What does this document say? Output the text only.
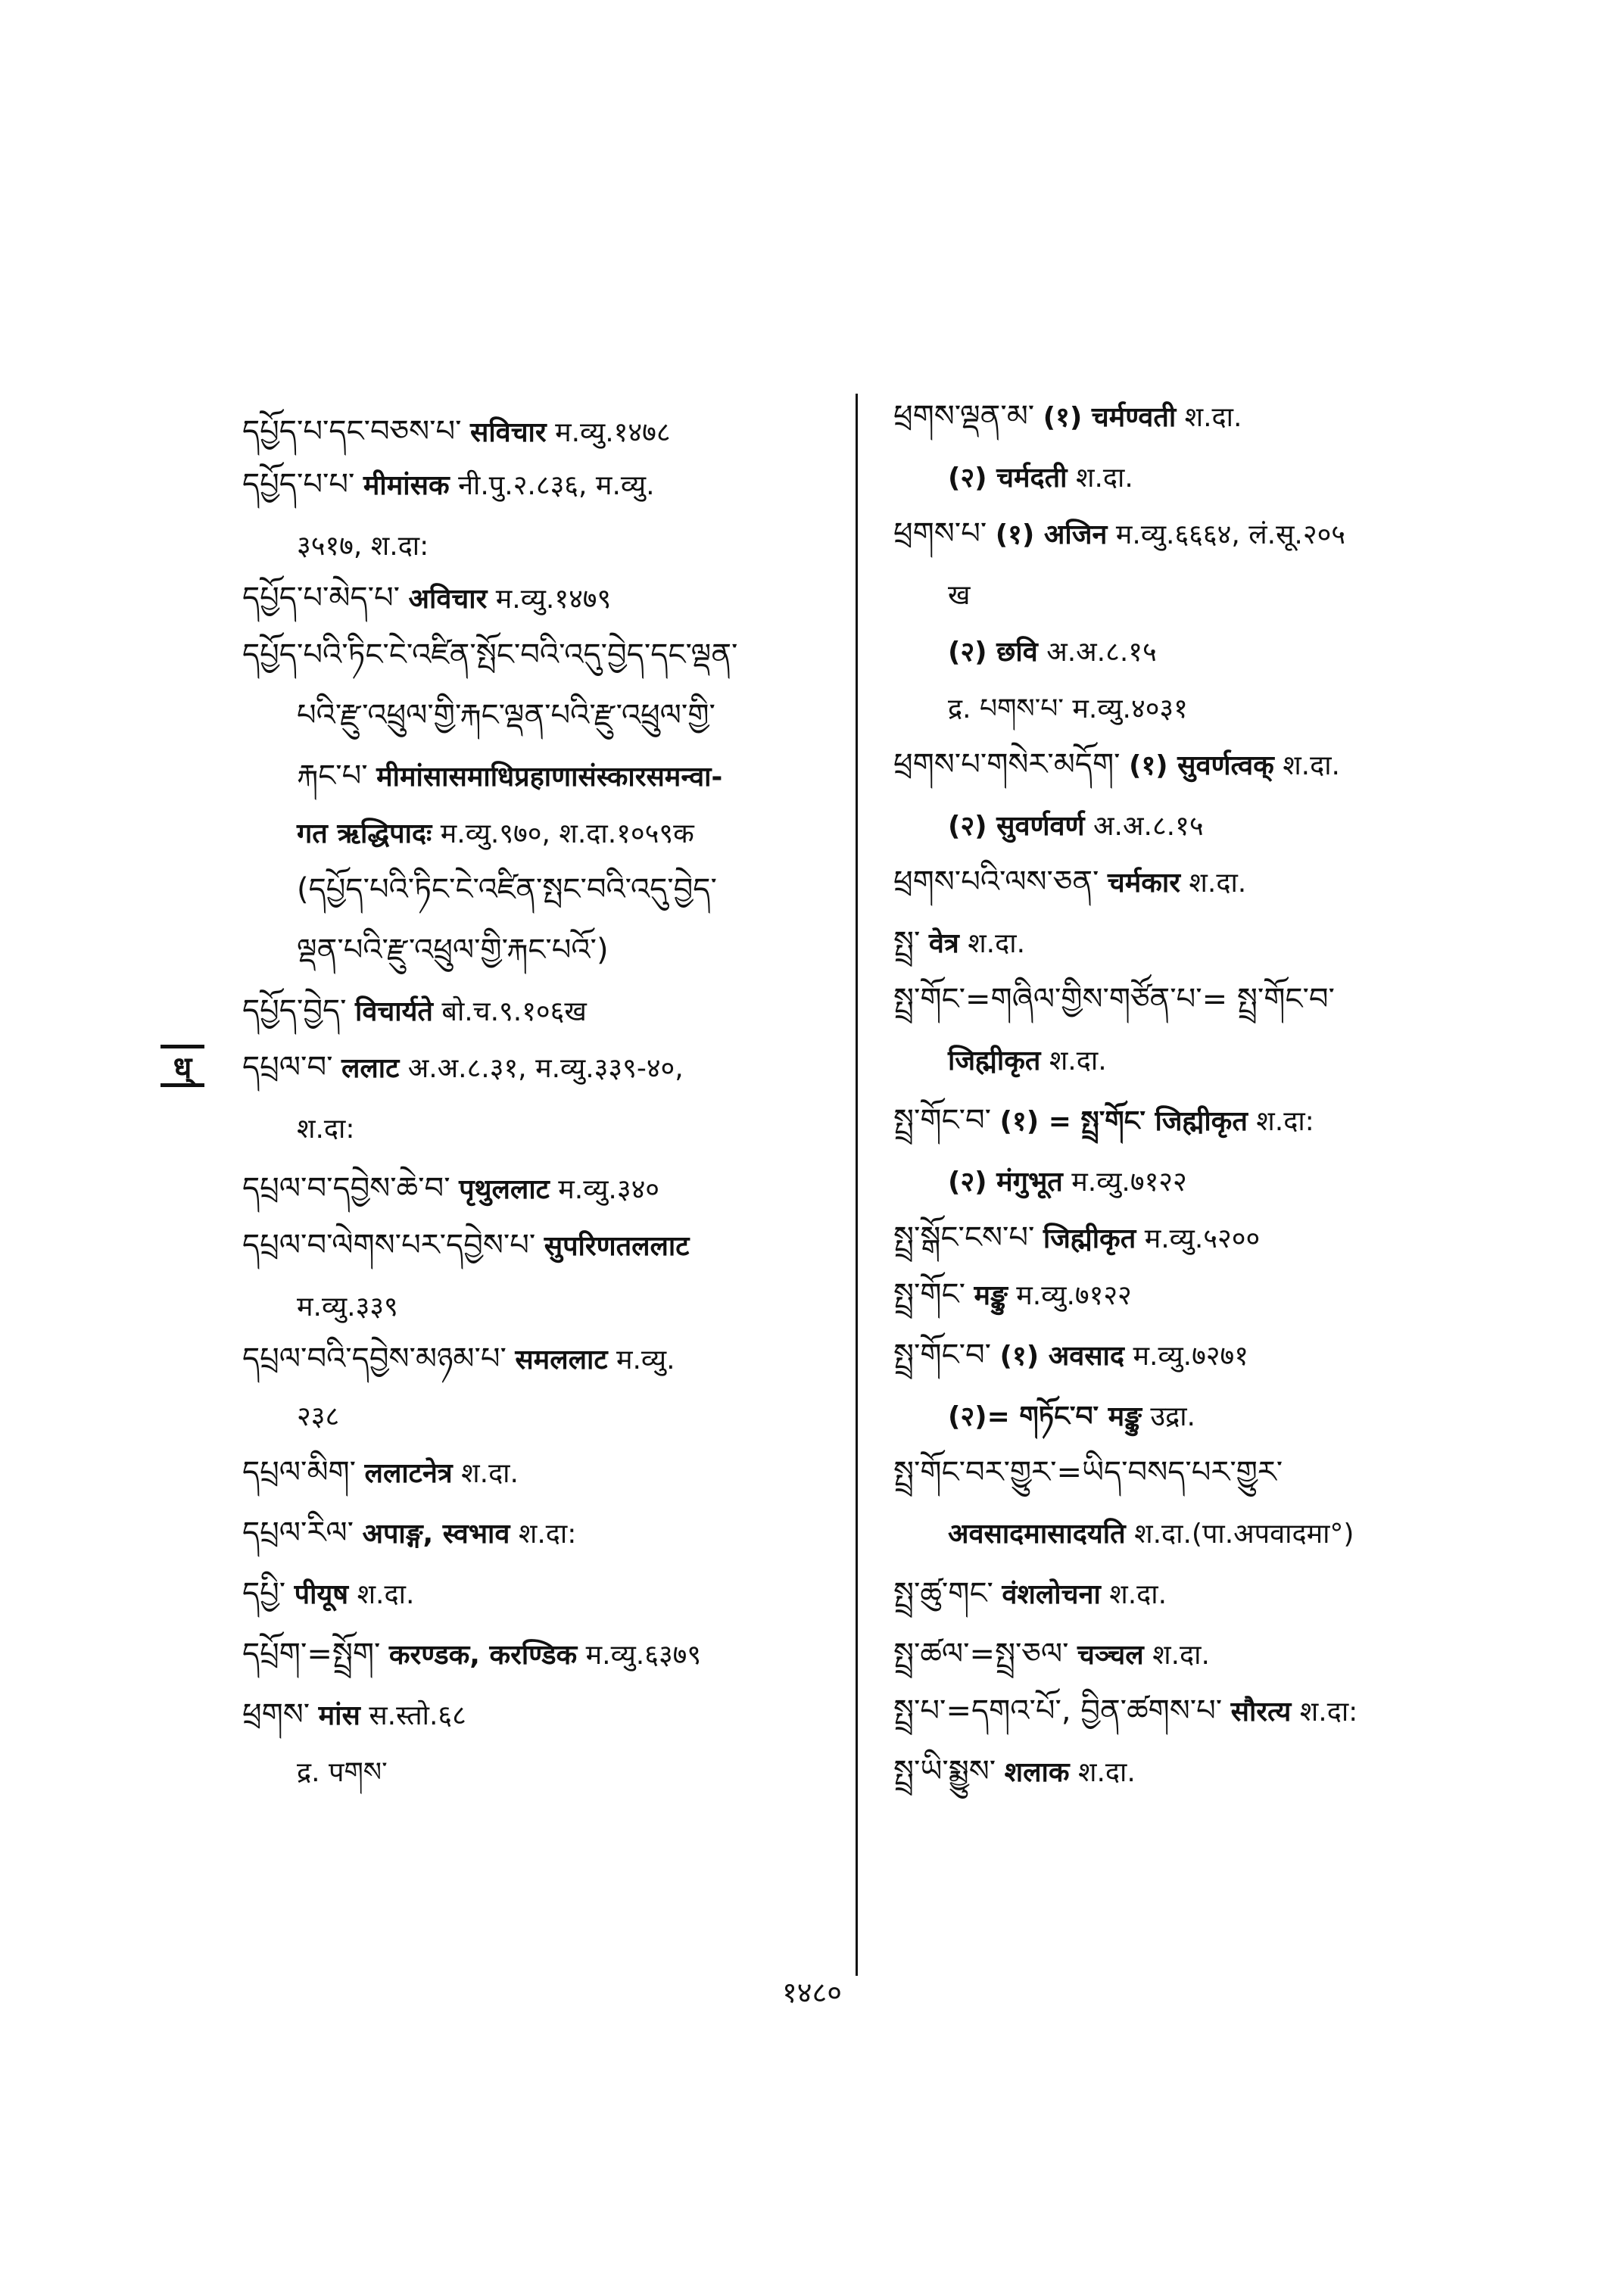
དཔྱོད་པ་དང་བཅས་པ་ सविचार म.व्यु.१४७८
དཔྱོད་པ་པ་ मीमांसक नी.पु.२.८३६, म.व्यु.
३५१७, श.दा:
དཔྱོད་པ་མེད་པ་ अविचार म.व्यु.१४७९
དཔྱོད་པའི་ཏིང་ངེ་འཛིན་སྤོང་བའི་འདུ་བྱེད་དང་ལྡན་
པའི་རྫུ་འཕྲུལ་གྱི་རྐང་ལྡན་པའི་རྫུ་འཕྲུལ་གྱི་
རྐང་པ་ मीमांसासमाधिप्रहाणासंस्कारसमन्वा-
गत ऋद्धिपादः म.व्यु.९७०, श.दा.१०५९क
(དཔྱོད་པའི་ཏིང་ངེ་འཛིན་སྤང་བའི་འདུ་བྱེད་
ལྡན་པའི་རྫུ་འཕྲུལ་གྱི་རྐང་པའོ་)
དཔྱོད་བྱེད་ विचार्यते बो.च.९.१०६ख
དཔྲལ་བ་ ललाट अ.अ.८.३१, म.व्यु.३३९-४०,
श.दा:
དཔྲལ་བ་དབྱེས་ཆེ་བ་ पृथुललाट म.व्यु.३४०
དཔྲལ་བ་ལེགས་པར་དབྱེས་པ་ सुपरिणतललाट
म.व्यु.३३९
དཔྲལ་བའི་དབྱེས་མཉམ་པ་ समललाट म.व्यु.
२३८
དཔྲལ་མིག་ ललाटनेत्र श.दा.
དཔྲལ་རིལ་ अपाङ्ग, स्वभाव श.दा:
དཔྱི་ पीयूष श.दा.
དཔྲོག་=སྤྲོག་ करण्डक, करण्डिक म.व्यु.६३७९
ཕྲགས་ मांस स.स्तो.६८
द्र. पགས་
ཕྲགས་ལྡན་མ་ (१) चर्मण्वती श.दा.
(२) चर्मदती श.दा.
ཕྲགས་པ་ (१) अजिन म.व्यु.६६६४, लं.सू.२०५
ख
(२) छवि अ.अ.८.१५
द्र. པགས་པ་ म.व्यु.४०३१
ཕྲགས་པ་གསེར་མདོག་ (१) सुवर्णत्वक् श.दा.
(२) सुवर्णवर्ण अ.अ.८.१५
ཕྲགས་པའི་ལས་ཅན་ चर्मकार श.दा.
སྤྲ་ वेत्र श.दा.
སྤྲ་གོང་=གཞིལ་གྱིས་གཙོན་པ་= སྤྲ་གོང་བ་
जिह्मीकृत श.दा.
སྤྲ་གོང་བ་ (१) = སྤྲ་གོང་ जिह्मीकृत श.दा:
(२) मंगुभूत म.व्यु.७१२२
སྤྲ་སྒོང་ངས་པ་ जिह्मीकृत म.व्यु.५२००
སྤྲ་གོང་ मङ्कु म.व्यु.७१२२
སྤྲ་གོང་བ་ (१) अवसाद म.व्यु.७२७१
(२)= གཏོང་བ་ मङ्कु उद्रा.
སྤྲ་གོང་བར་གྱུར་=ཡིད་བསད་པར་གྱུར་
अवसादमासादयति श.दा.(पा.अपवादमा°)
སྤྲ་ཚུ་གང་ वंशलोचना श.दा.
སྤྲ་ཚལ་=སྤྲ་ཅལ་ चञ्चल श.दा.
སྤྲ་པ་=དགའ་པོ་, བྱིན་ཚགས་པ་ सौरत्य श.दा:
སྤྲ་ཡི་སྨྱུས་ शलाक श.दा.
ध्
१४८०
